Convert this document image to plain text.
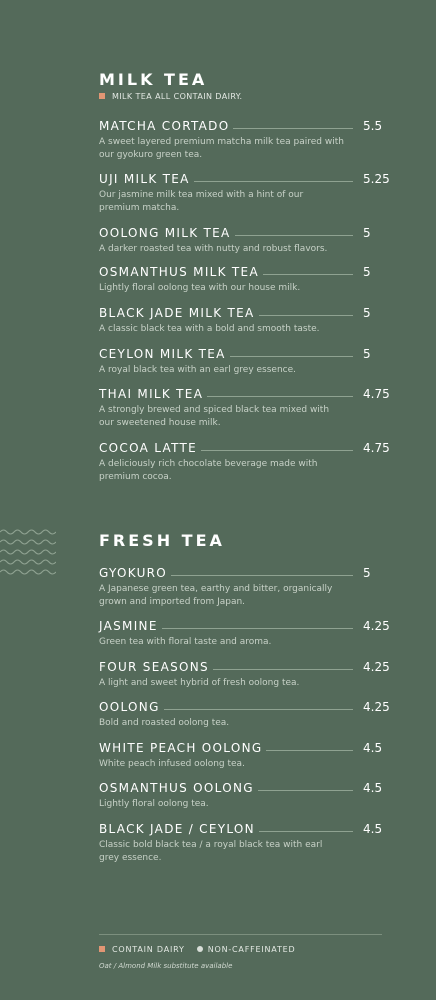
MILK TEA
MILK TEA ALL CONTAIN DAIRY.
MATCHA CORTADO	5.5
A sweet layered premium matcha milk tea paired with our gyokuro green tea.
UJI MILK TEA	5.25
Our jasmine milk tea mixed with a hint of our premium matcha.
OOLONG MILK TEA	5
A darker roasted tea with nutty and robust flavors.
OSMANTHUS MILK TEA	5
Lightly floral oolong tea with our house milk.
BLACK JADE MILK TEA	5
A classic black tea with a bold and smooth taste.
CEYLON MILK TEA	5
A royal black tea with an earl grey essence.
THAI MILK TEA	4.75
A strongly brewed and spiced black tea mixed with our sweetened house milk.
COCOA LATTE	4.75
A deliciously rich chocolate beverage made with premium cocoa.
FRESH TEA
GYOKURO	5
A Japanese green tea, earthy and bitter, organically grown and imported from Japan.
JASMINE	4.25
Green tea with floral taste and aroma.
FOUR SEASONS	4.25
A light and sweet hybrid of fresh oolong tea.
OOLONG	4.25
Bold and roasted oolong tea.
WHITE PEACH OOLONG	4.5
White peach infused oolong tea.
OSMANTHUS OOLONG	4.5
Lightly floral oolong tea.
BLACK JADE / CEYLON	4.5
Classic bold black tea / a royal black tea with earl grey essence.
CONTAIN DAIRY	NON-CAFFEINATED
Oat / Almond Milk substitute available
